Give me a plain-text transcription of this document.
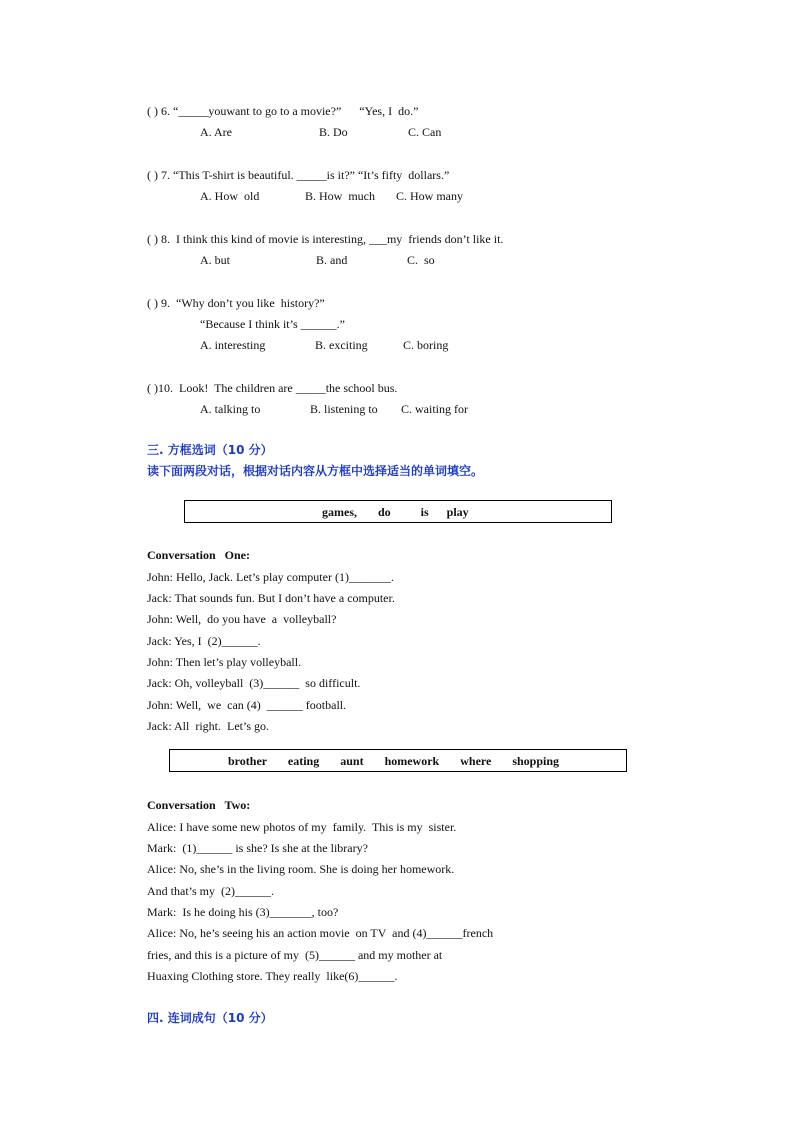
( ) 6. “_____youwant to go to a movie?”      “Yes, I  do.”
A. Are	B. Do	C. Can
( ) 7. “This T-shirt is beautiful. _____is it?” “It’s fifty  dollars.”
A. How  old	B. How  much C. How many
( ) 8.  I think this kind of movie is interesting, ___my  friends don’t like it.
A. but	B. and	C.  so
( ) 9.  “Why don’t you like  history?”
“Because I think it’s ______.”
A. interesting	B. exciting	C. boring
( )10.  Look!  The children are _____the school bus.
A. talking to	B. listening to C. waiting for
三. 方框选词（10 分）
读下面两段对话，根据对话内容从方框中选择适当的单词填空。
games,       do          is      play
Conversation   One:
John: Hello, Jack. Let’s play computer (1)_______.
Jack: That sounds fun. But I don’t have a computer.
John: Well,  do you have  a  volleyball?
Jack: Yes, I  (2)______.
John: Then let’s play volleyball.
Jack: Oh, volleyball  (3)______  so difficult.
John: Well,  we  can (4)  ______ football.
Jack: All  right.  Let’s go.
brother       eating       aunt       homework       where       shopping
Conversation   Two:
Alice: I have some new photos of my  family.  This is my  sister.
Mark:  (1)______ is she? Is she at the library?
Alice: No, she’s in the living room. She is doing her homework.
And that’s my  (2)______.
Mark:  Is he doing his (3)_______, too?
Alice: No, he’s seeing his an action movie  on TV  and (4)______french
fries, and this is a picture of my  (5)______ and my mother at
Huaxing Clothing store. They really  like(6)______.
四. 连词成句（10 分）
